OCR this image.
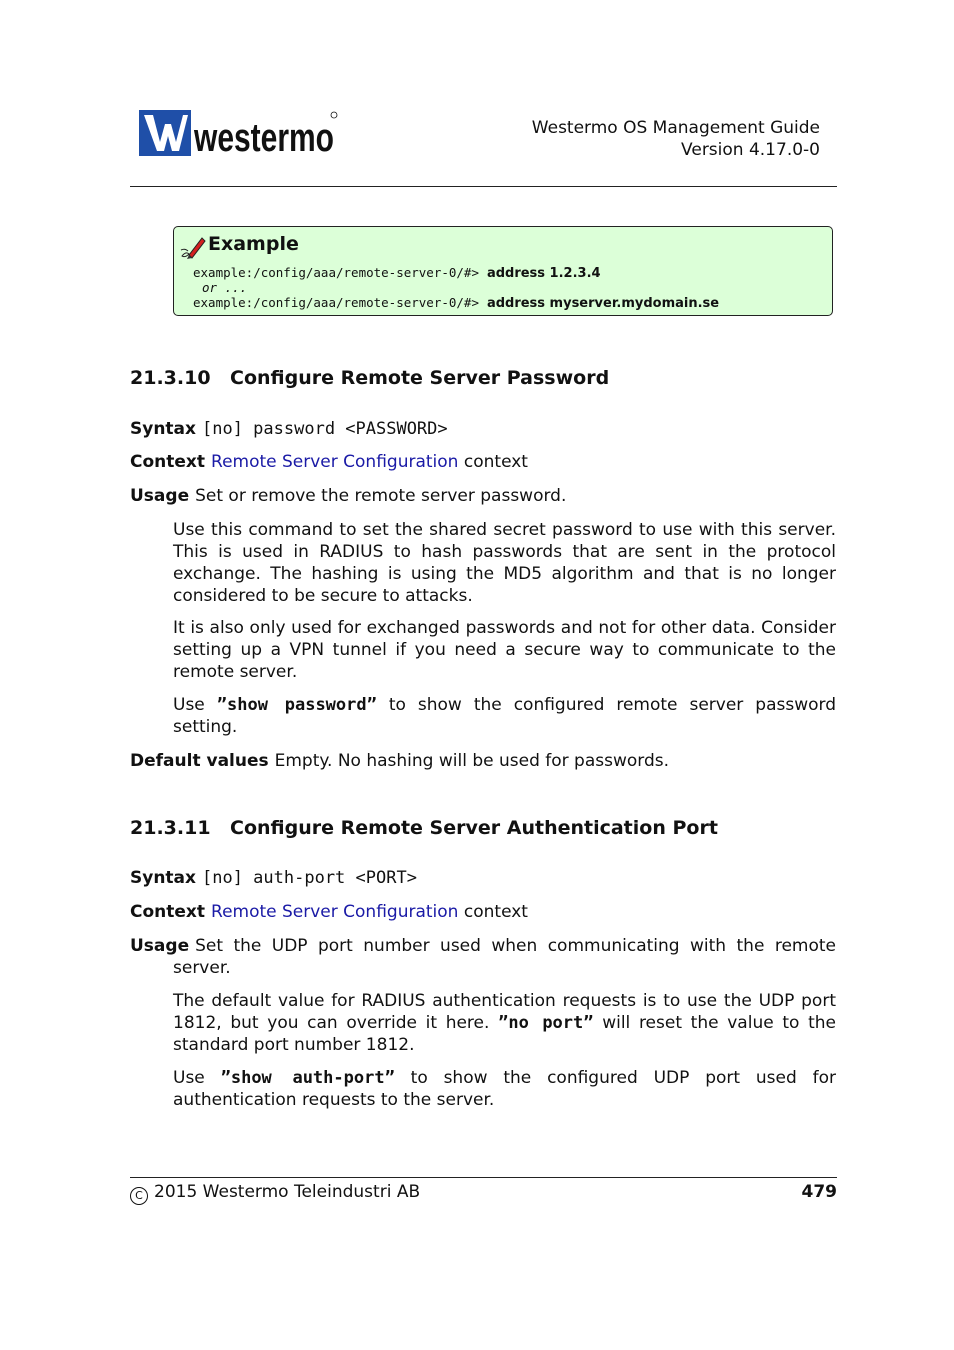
westermo	Westermo OS Management Guide
Version 4.17.0-0
Example
example:/config/aaa/remote-server-0/#> address 1.2.3.4
or ...
example:/config/aaa/remote-server-0/#> address myserver.mydomain.se
21.3.10 Configure Remote Server Password
Syntax [no] password <PASSWORD>
Context Remote Server Configuration context
Usage Set or remove the remote server password.
Use this command to set the shared secret password to use with this server. This is used in RADIUS to hash passwords that are sent in the protocol exchange. The hashing is using the MD5 algorithm and that is no longer considered to be secure to attacks.
It is also only used for exchanged passwords and not for other data. Consider setting up a VPN tunnel if you need a secure way to communicate to the remote server.
Use ”show password” to show the configured remote server password setting.
Default values Empty. No hashing will be used for passwords.
21.3.11 Configure Remote Server Authentication Port
Syntax [no] auth-port <PORT>
Context Remote Server Configuration context
Usage Set the UDP port number used when communicating with the remote server.
The default value for RADIUS authentication requests is to use the UDP port 1812, but you can override it here. ”no port” will reset the value to the standard port number 1812.
Use ”show auth-port” to show the configured UDP port used for authentication requests to the server.
C 2015 Westermo Teleindustri AB	479
